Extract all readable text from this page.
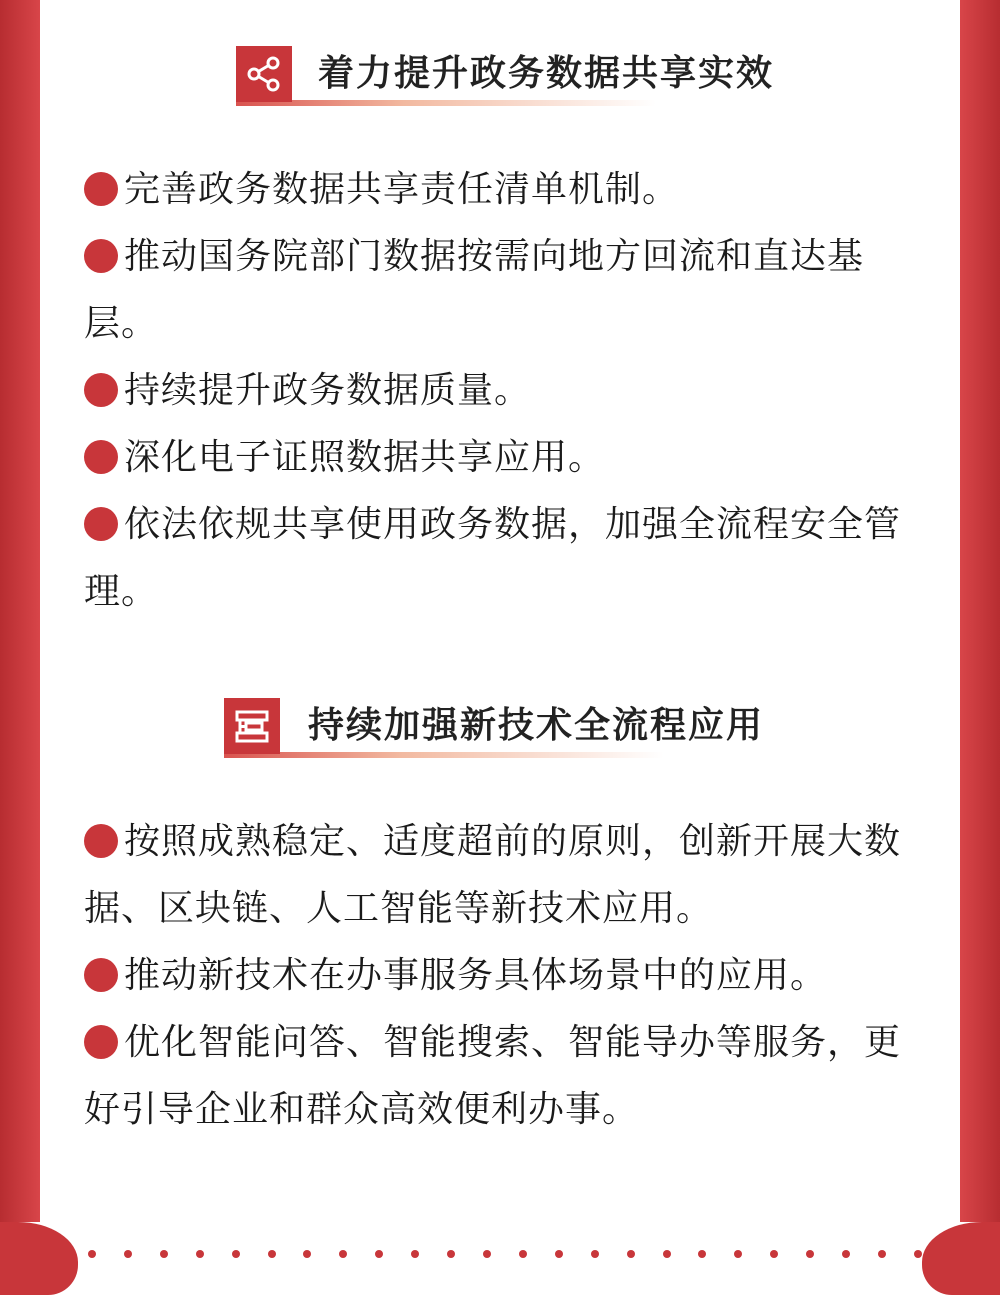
着力提升政务数据共享实效

完善政务数据共享责任清单机制。

推动国务院部门数据按需向地方回流和直达基层。

持续提升政务数据质量。

深化电子证照数据共享应用。

依法依规共享使用政务数据，加强全流程安全管理。

持续加强新技术全流程应用

按照成熟稳定、适度超前的原则，创新开展大数据、区块链、人工智能等新技术应用。

推动新技术在办事服务具体场景中的应用。

优化智能问答、智能搜索、智能导办等服务，更好引导企业和群众高效便利办事。
